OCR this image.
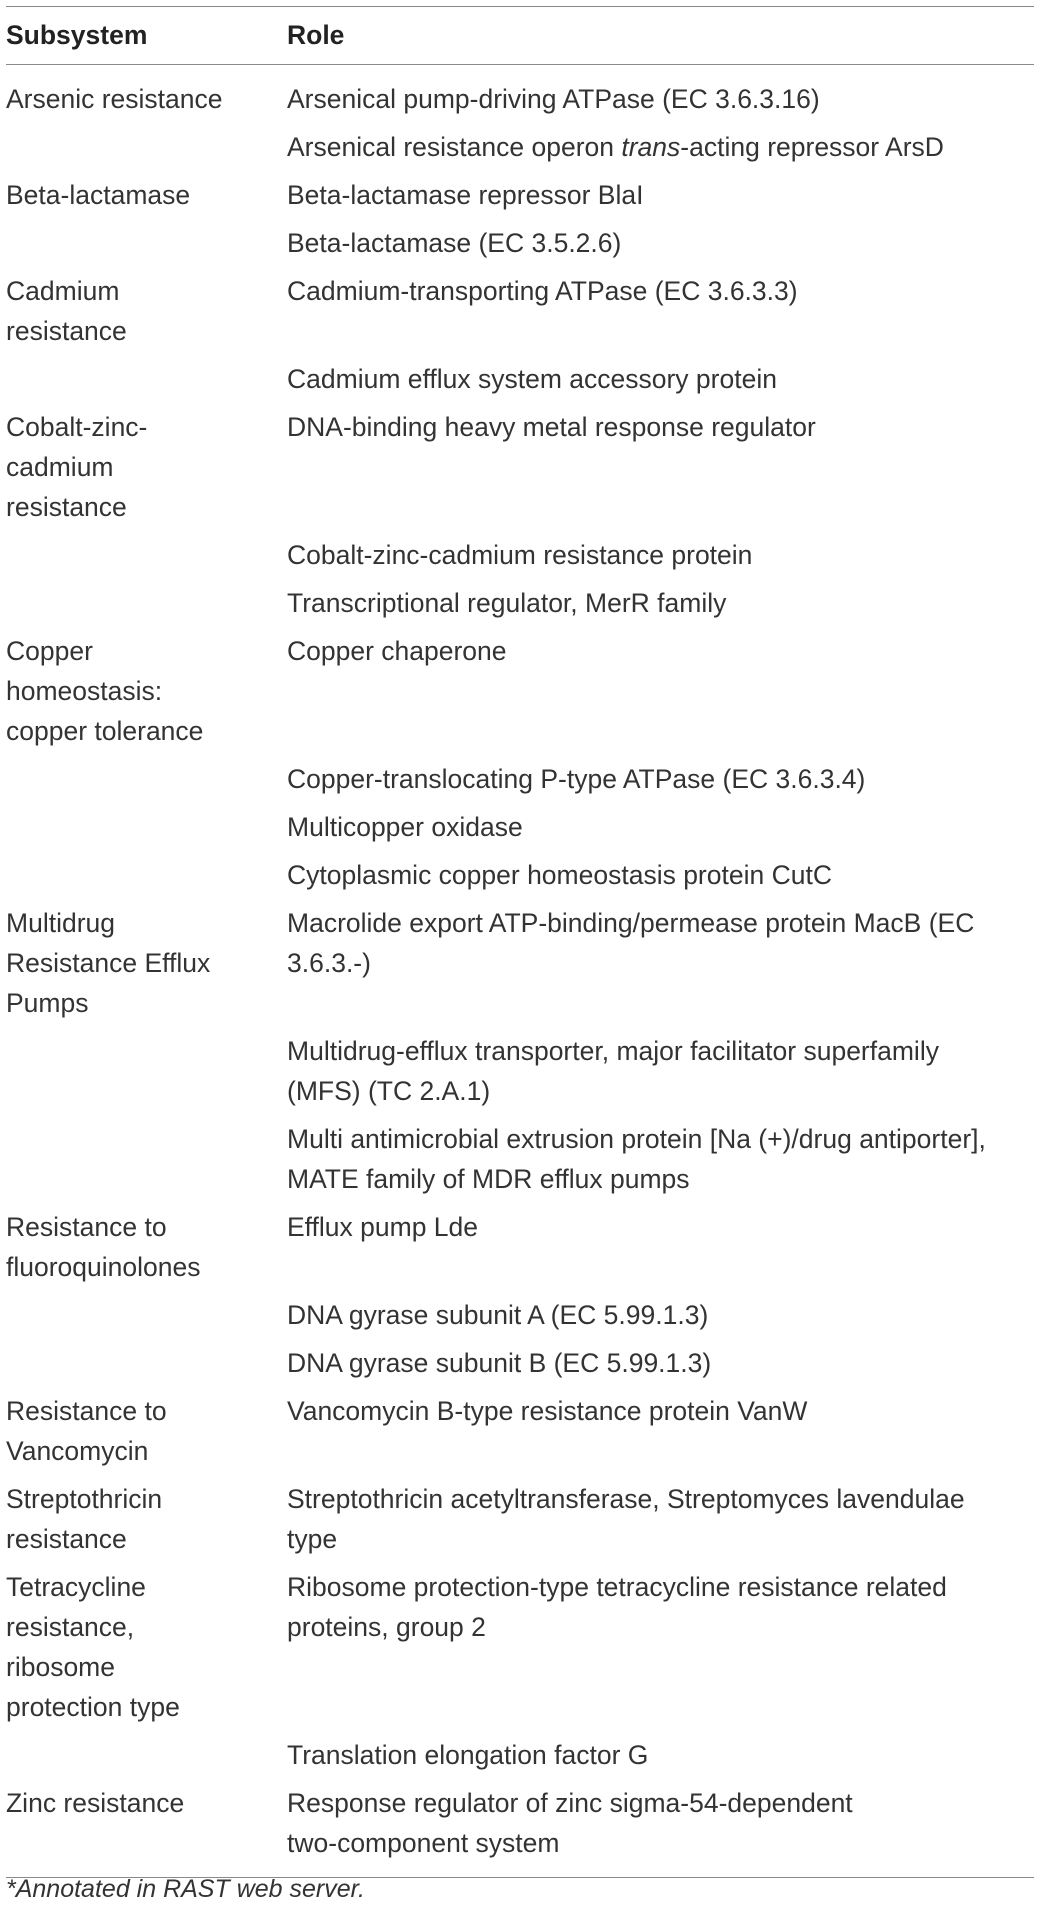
Subsystem	Role

Arsenic resistance	Arsenical pump-driving ATPase (EC 3.6.3.16)

	Arsenical resistance operon trans-acting repressor ArsD

Beta-lactamase	Beta-lactamase repressor BlaI

	Beta-lactamase (EC 3.5.2.6)

Cadmium
resistance	Cadmium-transporting ATPase (EC 3.6.3.3)

	Cadmium efflux system accessory protein

Cobalt-zinc-
cadmium
resistance	DNA-binding heavy metal response regulator

	Cobalt-zinc-cadmium resistance protein

	Transcriptional regulator, MerR family

Copper
homeostasis:
copper tolerance	Copper chaperone

	Copper-translocating P-type ATPase (EC 3.6.3.4)

	Multicopper oxidase

	Cytoplasmic copper homeostasis protein CutC

Multidrug
Resistance Efflux
Pumps	Macrolide export ATP-binding/permease protein MacB (EC
3.6.3.-)

	Multidrug-efflux transporter, major facilitator superfamily
(MFS) (TC 2.A.1)

	Multi antimicrobial extrusion protein [Na (+)/drug antiporter],
MATE family of MDR efflux pumps

Resistance to
fluoroquinolones	Efflux pump Lde

	DNA gyrase subunit A (EC 5.99.1.3)

	DNA gyrase subunit B (EC 5.99.1.3)

Resistance to
Vancomycin	Vancomycin B-type resistance protein VanW

Streptothricin
resistance	Streptothricin acetyltransferase, Streptomyces lavendulae
type

Tetracycline
resistance,
ribosome
protection type	Ribosome protection-type tetracycline resistance related
proteins, group 2

	Translation elongation factor G

Zinc resistance	Response regulator of zinc sigma-54-dependent
two-component system
*Annotated in RAST web server.
